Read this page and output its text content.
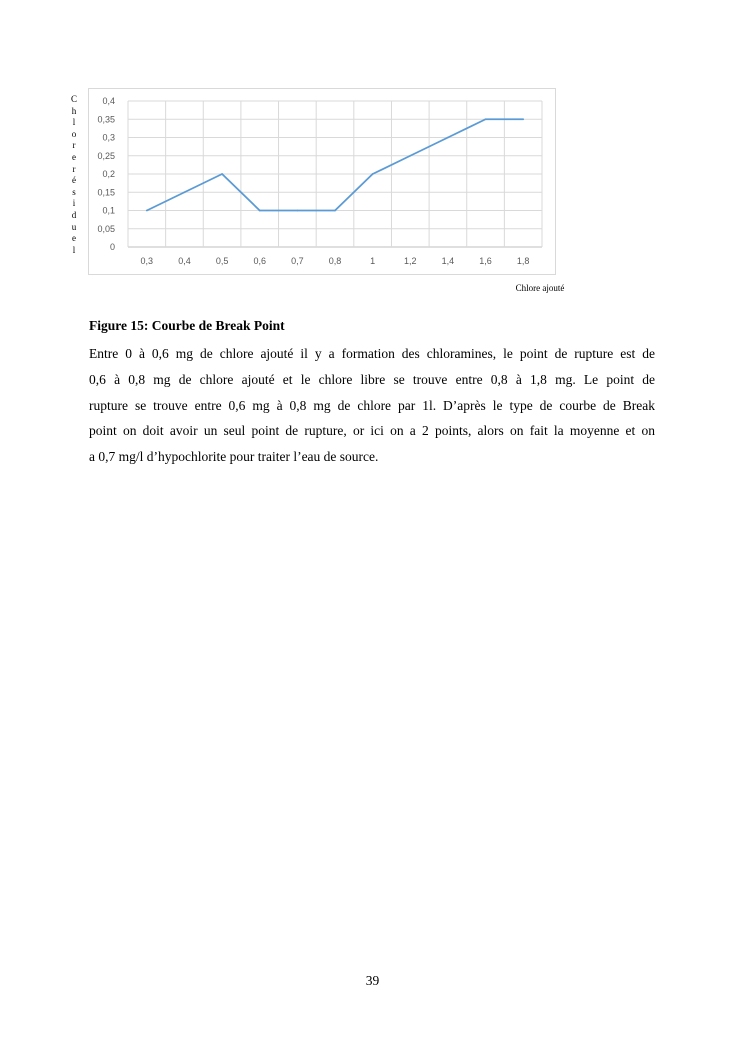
C
h
l
o
r
e
r
é
s
i
d
u
e
l	0
0,05
0,1
0,15
0,2
0,25
0,3
0,35
0,4
0,3	0,4	0,5	0,6	0,7	0,8	1	1,2	1,4	1,6	1,8
Chlore ajouté
Figure 15: Courbe de Break Point
Entre 0 à 0,6 mg de chlore ajouté il y a formation des chloramines, le point de rupture est de
0,6 à 0,8 mg de chlore ajouté et le chlore libre se trouve entre 0,8 à 1,8 mg. Le point de
rupture se trouve entre 0,6 mg à 0,8 mg de chlore par 1l. D’après le type de courbe de Break
point on doit avoir un seul point de rupture, or ici on a 2 points, alors on fait la moyenne et on
a 0,7 mg/l d’hypochlorite pour traiter l’eau de source.
39
